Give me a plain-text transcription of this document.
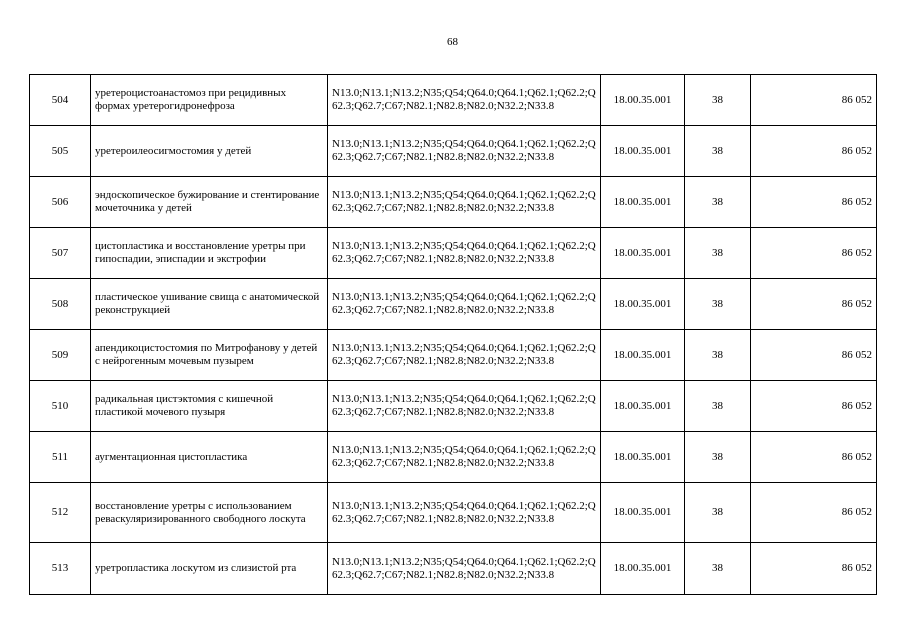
68
504	уретероцистоанастомоз при рецидивных формах уретерогидронефроза	N13.0;N13.1;N13.2;N35;Q54;Q64.0;Q64.1;Q62.1;Q62.2;Q62.3;Q62.7;C67;N82.1;N82.8;N82.0;N32.2;N33.8	18.00.35.001	38	86 052
505	уретероилеосигмостомия у детей	N13.0;N13.1;N13.2;N35;Q54;Q64.0;Q64.1;Q62.1;Q62.2;Q62.3;Q62.7;C67;N82.1;N82.8;N82.0;N32.2;N33.8	18.00.35.001	38	86 052
506	эндоскопическое бужирование и стентирование мочеточника у детей	N13.0;N13.1;N13.2;N35;Q54;Q64.0;Q64.1;Q62.1;Q62.2;Q62.3;Q62.7;C67;N82.1;N82.8;N82.0;N32.2;N33.8	18.00.35.001	38	86 052
507	цистопластика и восстановление уретры при гипоспадии, эписпадии и экстрофии	N13.0;N13.1;N13.2;N35;Q54;Q64.0;Q64.1;Q62.1;Q62.2;Q62.3;Q62.7;C67;N82.1;N82.8;N82.0;N32.2;N33.8	18.00.35.001	38	86 052
508	пластическое ушивание свища с анатомической реконструкцией	N13.0;N13.1;N13.2;N35;Q54;Q64.0;Q64.1;Q62.1;Q62.2;Q62.3;Q62.7;C67;N82.1;N82.8;N82.0;N32.2;N33.8	18.00.35.001	38	86 052
509	апендикоцистостомия по Митрофанову у детей с нейрогенным мочевым пузырем	N13.0;N13.1;N13.2;N35;Q54;Q64.0;Q64.1;Q62.1;Q62.2;Q62.3;Q62.7;C67;N82.1;N82.8;N82.0;N32.2;N33.8	18.00.35.001	38	86 052
510	радикальная цистэктомия с кишечной пластикой мочевого пузыря	N13.0;N13.1;N13.2;N35;Q54;Q64.0;Q64.1;Q62.1;Q62.2;Q62.3;Q62.7;C67;N82.1;N82.8;N82.0;N32.2;N33.8	18.00.35.001	38	86 052
511	аугментационная цистопластика	N13.0;N13.1;N13.2;N35;Q54;Q64.0;Q64.1;Q62.1;Q62.2;Q62.3;Q62.7;C67;N82.1;N82.8;N82.0;N32.2;N33.8	18.00.35.001	38	86 052
512	восстановление уретры с использованием реваскуляризированного свободного лоскута	N13.0;N13.1;N13.2;N35;Q54;Q64.0;Q64.1;Q62.1;Q62.2;Q62.3;Q62.7;C67;N82.1;N82.8;N82.0;N32.2;N33.8	18.00.35.001	38	86 052
513	уретропластика лоскутом из слизистой рта	N13.0;N13.1;N13.2;N35;Q54;Q64.0;Q64.1;Q62.1;Q62.2;Q62.3;Q62.7;C67;N82.1;N82.8;N82.0;N32.2;N33.8	18.00.35.001	38	86 052
